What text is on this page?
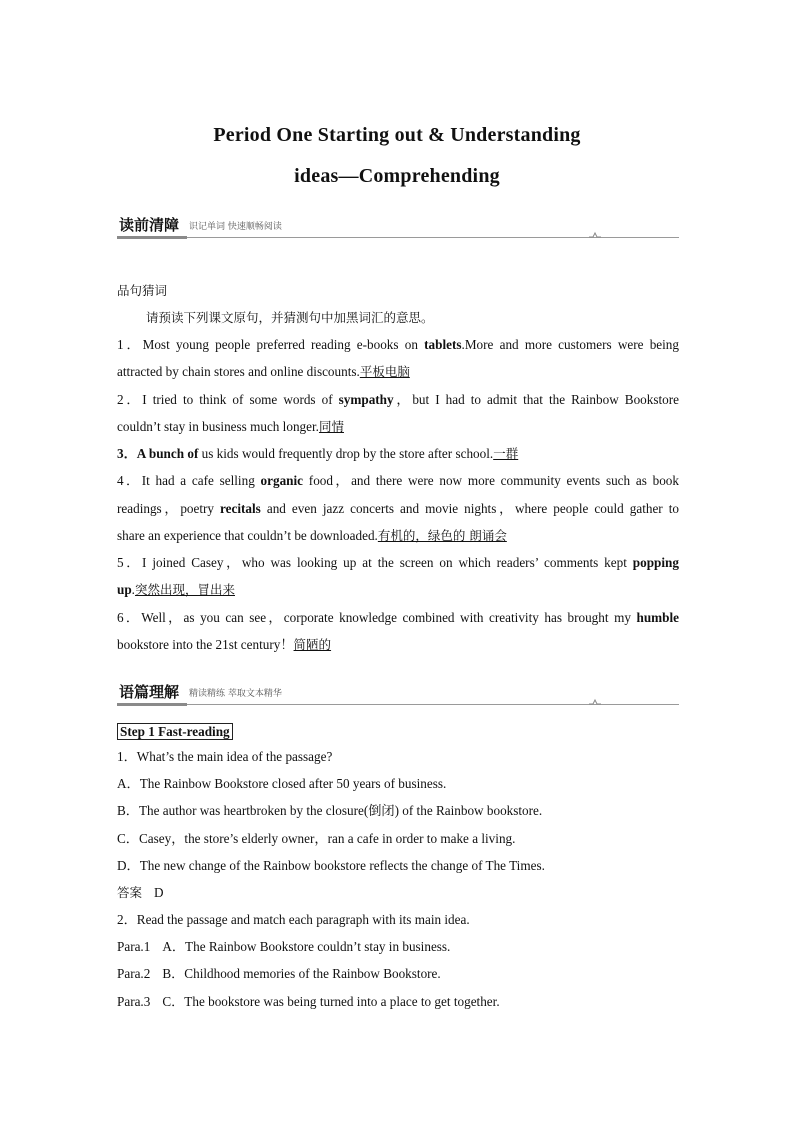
Period One Starting out & Understanding
ideas—Comprehending
读前清障 识记单词 快速顺畅阅读
品句猜词
请预读下列课文原句，并猜测句中加黑词汇的意思。
1．Most young people preferred reading e-books on tablets.More and more customers were being
attracted by chain stores and online discounts.平板电脑
2．I tried to think of some words of sympathy，but I had to admit that the Rainbow Bookstore
couldn’t stay in business much longer.同情
3．A bunch of us kids would frequently drop by the store after school.一群
4．It had a cafe selling organic food，and there were now more community events such as book
readings，poetry recitals and even jazz concerts and movie nights，where people could gather to
share an experience that couldn’t be downloaded.有机的，绿色的 朗诵会
5．I joined Casey，who was looking up at the screen on which readers’ comments kept popping
up.突然出现，冒出来
6．Well，as you can see，corporate knowledge combined with creativity has brought my humble
bookstore into the 21st century！简陋的
语篇理解 精读精练 萃取文本精华
Step 1 Fast-reading
1．What’s the main idea of the passage?
A．The Rainbow Bookstore closed after 50 years of business.
B．The author was heartbroken by the closure(倒闭) of the Rainbow bookstore.
C．Casey，the store’s elderly owner，ran a cafe in order to make a living.
D．The new change of the Rainbow bookstore reflects the change of The Times.
答案 D
2．Read the passage and match each paragraph with its main idea.
Para.1 A．The Rainbow Bookstore couldn’t stay in business.
Para.2 B．Childhood memories of the Rainbow Bookstore.
Para.3 C．The bookstore was being turned into a place to get together.
